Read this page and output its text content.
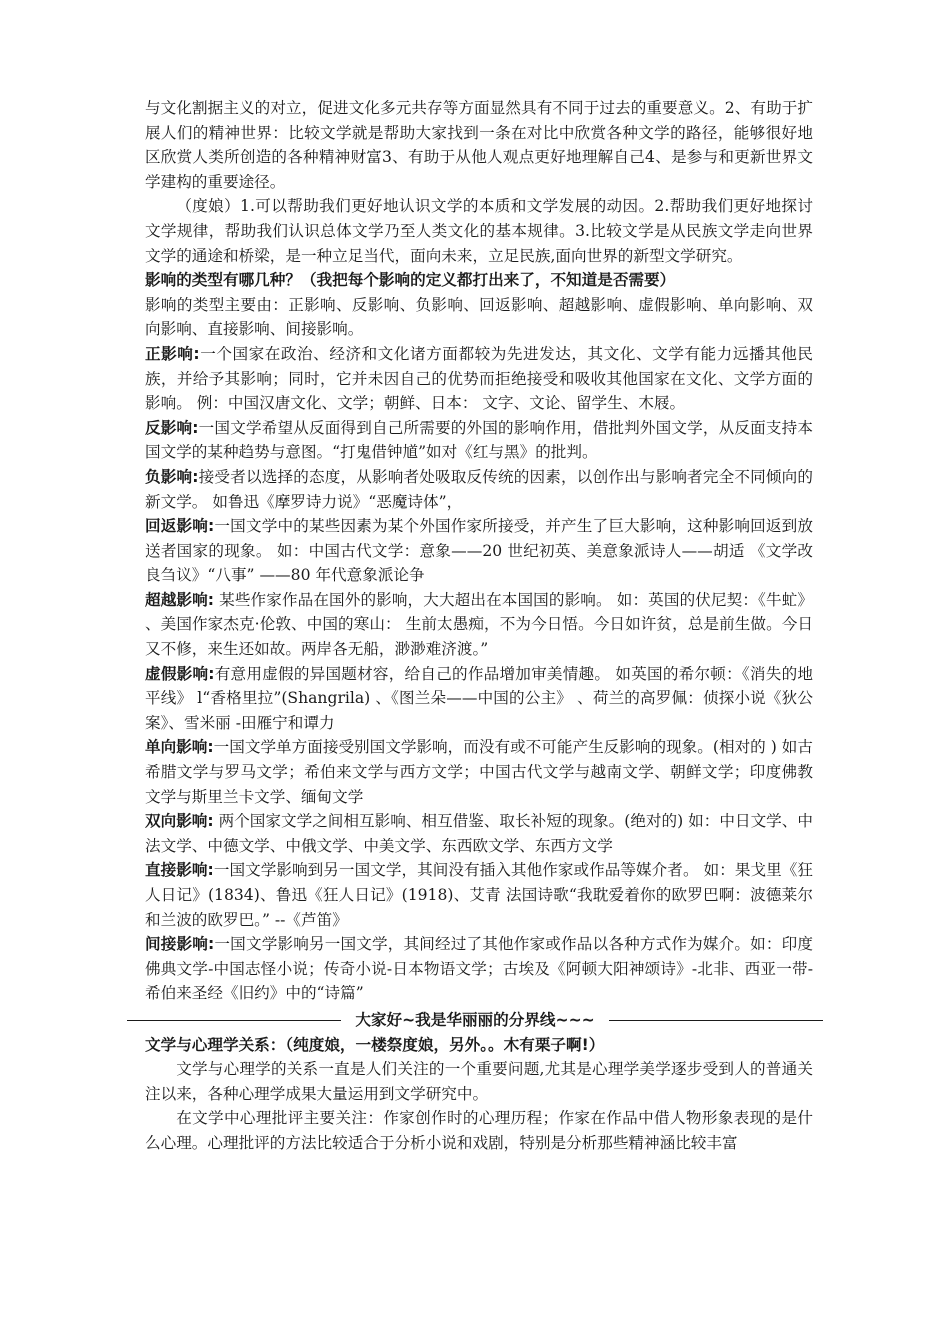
与文化割据主义的对立，促进文化多元共存等方面显然具有不同于过去的重要意义。2、有助于扩展人们的精神世界：比较文学就是帮助大家找到一条在对比中欣赏各种文学的路径，能够很好地区欣赏人类所创造的各种精神财富3、有助于从他人观点更好地理解自己4、是参与和更新世界文学建构的重要途径。

（度娘）1.可以帮助我们更好地认识文学的本质和文学发展的动因。2.帮助我们更好地探讨文学规律，帮助我们认识总体文学乃至人类文化的基本规律。3.比较文学是从民族文学走向世界文学的通途和桥梁，是一种立足当代，面向未来，立足民族,面向世界的新型文学研究。

影响的类型有哪几种？（我把每个影响的定义都打出来了，不知道是否需要）

影响的类型主要由：正影响、反影响、负影响、回返影响、超越影响、虚假影响、单向影响、双向影响、直接影响、间接影响。

正影响:一个国家在政治、经济和文化诸方面都较为先进发达，其文化、文学有能力远播其他民族，并给予其影响；同时，它并未因自己的优势而拒绝接受和吸收其他国家在文化、文学方面的影响。 例：中国汉唐文化、文学；朝鲜、日本： 文字、文论、留学生、木屐。

反影响:一国文学希望从反面得到自己所需要的外国的影响作用，借批判外国文学，从反面支持本国文学的某种趋势与意图。“打鬼借钟馗”如对《红与黑》的批判。

负影响:接受者以选择的态度，从影响者处吸取反传统的因素，以创作出与影响者完全不同倾向的新文学。 如鲁迅《摩罗诗力说》“恶魔诗体”，

回返影响:一国文学中的某些因素为某个外国作家所接受，并产生了巨大影响，这种影响回返到放送者国家的现象。 如：中国古代文学：意象——20 世纪初英、美意象派诗人——胡适 《文学改良刍议》“八事” ——80 年代意象派论争

超越影响: 某些作家作品在国外的影响，大大超出在本国国的影响。 如：英国的伏尼契：《牛虻》 、美国作家杰克·伦敦、中国的寒山： 生前太愚痴，不为今日悟。今日如许贫，总是前生做。今日又不修，来生还如故。两岸各无船，渺渺难济渡。”

虚假影响:有意用虚假的异国题材容，给自己的作品增加审美情趣。 如英国的希尔顿：《消失的地平线》 l“香格里拉”(Shangrila) 、《图兰朵——中国的公主》 、荷兰的高罗佩：侦探小说《狄公案》、雪米丽 -田雁宁和谭力

单向影响:一国文学单方面接受别国文学影响，而没有或不可能产生反影响的现象。(相对的 ) 如古希腊文学与罗马文学；希伯来文学与西方文学；中国古代文学与越南文学、朝鲜文学；印度佛教文学与斯里兰卡文学、缅甸文学

双向影响: 两个国家文学之间相互影响、相互借鉴、取长补短的现象。(绝对的) 如：中日文学、中法文学、中德文学、中俄文学、中美文学、东西欧文学、东西方文学

直接影响:一国文学影响到另一国文学，其间没有插入其他作家或作品等媒介者。 如：果戈里《狂人日记》(1834)、鲁迅《狂人日记》(1918)、艾青 法国诗歌“我耽爱着你的欧罗巴啊：波德莱尔和兰波的欧罗巴。” --《芦笛》

间接影响:一国文学影响另一国文学，其间经过了其他作家或作品以各种方式作为媒介。如：印度佛典文学-中国志怪小说；传奇小说-日本物语文学；古埃及《阿顿大阳神颂诗》-北非、西亚一带-希伯来圣经《旧约》中的“诗篇”

大家好~我是华丽丽的分界线~~~

文学与心理学关系：（纯度娘，一楼祭度娘，另外。。木有栗子啊!）

文学与心理学的关系一直是人们关注的一个重要问题,尤其是心理学美学逐步受到人的普通关注以来，各种心理学成果大量运用到文学研究中。

在文学中心理批评主要关注：作家创作时的心理历程；作家在作品中借人物形象表现的是什么心理。心理批评的方法比较适合于分析小说和戏剧，特别是分析那些精神涵比较丰富
